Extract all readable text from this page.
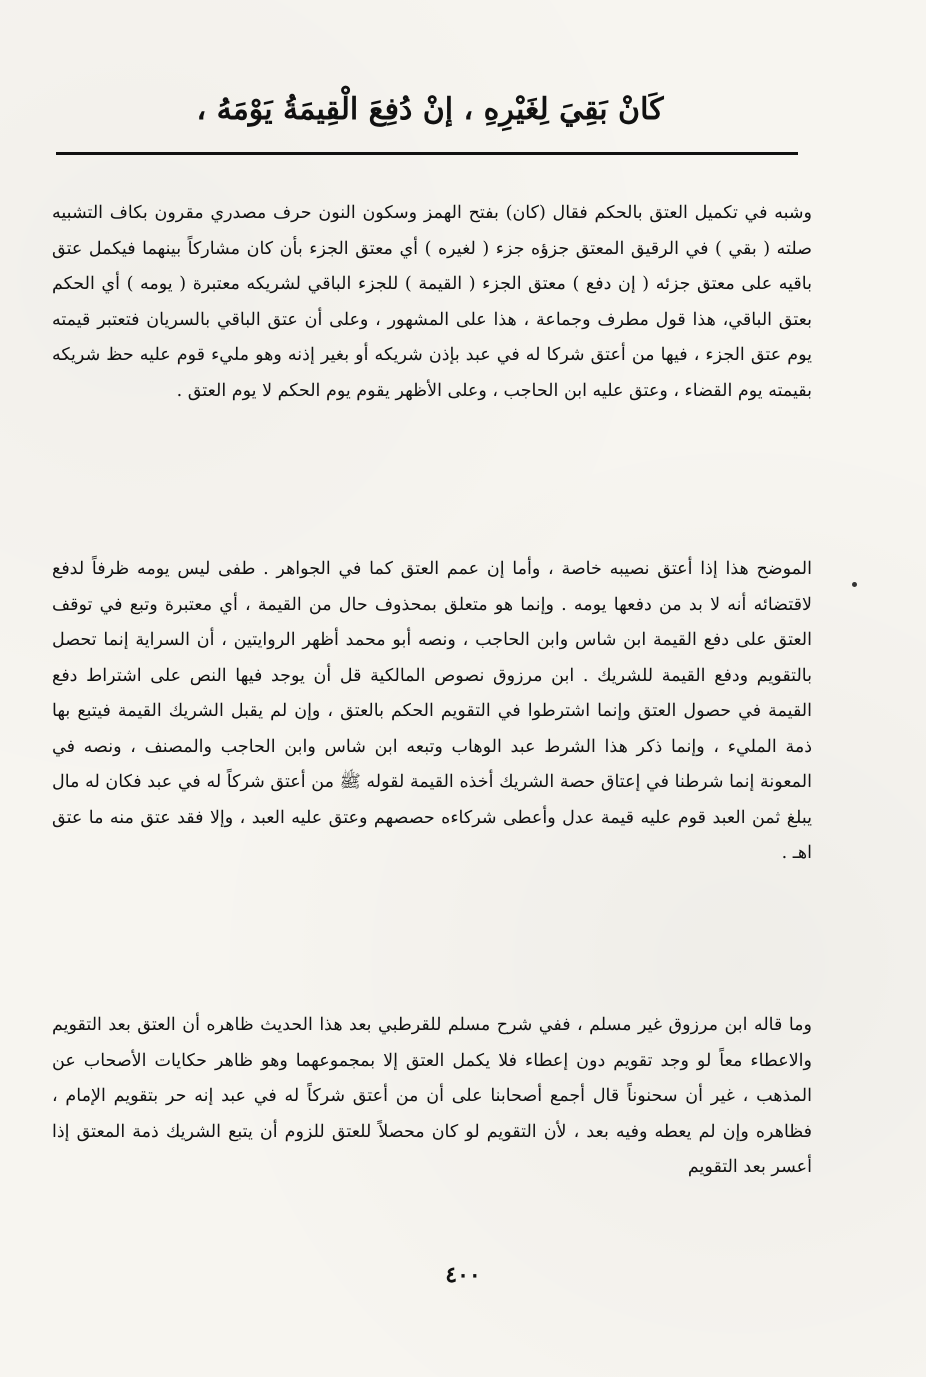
كَانْ بَقِيَ لِغَيْرِهِ ، إنْ دُفِعَ الْقِيمَةُ يَوْمَهُ ،

وشبه في تكميل العتق بالحكم فقال (كان) بفتح الهمز وسكون النون حرف مصدري مقرون بكاف التشبيه صلته ( بقي ) في الرقيق المعتق جزؤه جزء ( لغيره ) أي معتق الجزء بأن كان مشاركاً بينهما فيكمل عتق باقيه على معتق جزئه ( إن دفع ) معتق الجزء ( القيمة ) للجزء الباقي لشريكه معتبرة ( يومه ) أي الحكم بعتق الباقي، هذا قول مطرف وجماعة ، هذا على المشهور ، وعلى أن عتق الباقي بالسريان فتعتبر قيمته يوم عتق الجزء ، فيها من أعتق شركا له في عبد بإذن شريكه أو بغير إذنه وهو مليء قوم عليه حظ شريكه بقيمته يوم القضاء ، وعتق عليه ابن الحاجب ، وعلى الأظهر يقوم يوم الحكم لا يوم العتق .

الموضح هذا إذا أعتق نصيبه خاصة ، وأما إن عمم العتق كما في الجواهر . طفى ليس يومه ظرفاً لدفع لاقتضائه أنه لا بد من دفعها يومه . وإنما هو متعلق بمحذوف حال من القيمة ، أي معتبرة وتبع في توقف العتق على دفع القيمة ابن شاس وابن الحاجب ، ونصه أبو محمد أظهر الروايتين ، أن السراية إنما تحصل بالتقويم ودفع القيمة للشريك . ابن مرزوق نصوص المالكية قل أن يوجد فيها النص على اشتراط دفع القيمة في حصول العتق وإنما اشترطوا في التقويم الحكم بالعتق ، وإن لم يقبل الشريك القيمة فيتبع بها ذمة المليء ، وإنما ذكر هذا الشرط عبد الوهاب وتبعه ابن شاس وابن الحاجب والمصنف ، ونصه في المعونة إنما شرطنا في إعتاق حصة الشريك أخذه القيمة لقوله ﷺ من أعتق شركاً له في عبد فكان له مال يبلغ ثمن العبد قوم عليه قيمة عدل وأعطى شركاءه حصصهم وعتق عليه العبد ، وإلا فقد عتق منه ما عتق اهـ .

وما قاله ابن مرزوق غير مسلم ، ففي شرح مسلم للقرطبي بعد هذا الحديث ظاهره أن العتق بعد التقويم والاعطاء معاً لو وجد تقويم دون إعطاء فلا يكمل العتق إلا بمجموعهما وهو ظاهر حكايات الأصحاب عن المذهب ، غير أن سحنوناً قال أجمع أصحابنا على أن من أعتق شركاً له في عبد إنه حر بتقويم الإمام ، فظاهره وإن لم يعطه وفيه بعد ، لأن التقويم لو كان محصلاً للعتق للزوم أن يتبع الشريك ذمة المعتق إذا أعسر بعد التقويم

٤٠٠
